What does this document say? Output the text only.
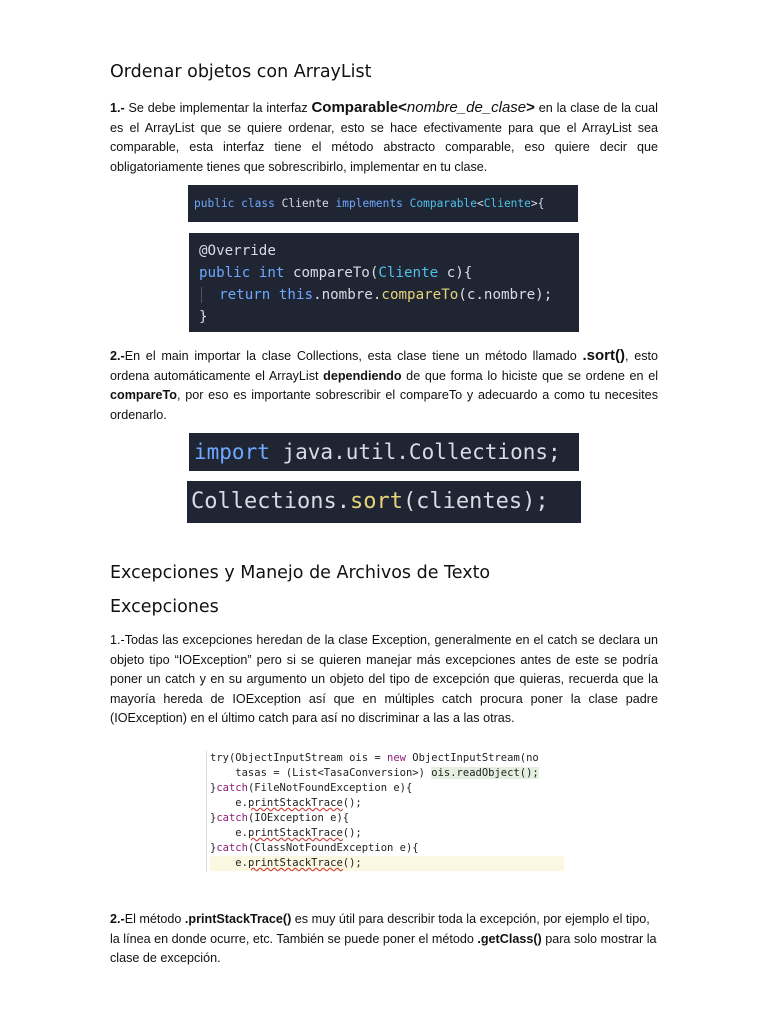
Ordenar objetos con ArrayList

1.- Se debe implementar la interfaz Comparable<nombre_de_clase> en la clase de la cual es el ArrayList que se quiere ordenar, esto se hace efectivamente para que el ArrayList sea comparable, esta interfaz tiene el método abstracto comparable, eso quiere decir que obligatoriamente tienes que sobrescribirlo, implementar en tu clase.

public class Cliente implements Comparable<Cliente>{
@Override
public int compareTo(Cliente c){
return this.nombre.compareTo(c.nombre);
}

2.-En el main importar la clase Collections, esta clase tiene un método llamado .sort(), esto ordena automáticamente el ArrayList dependiendo de que forma lo hiciste que se ordene en el compareTo, por eso es importante sobrescribir el compareTo y adecuardo a como tu necesites ordenarlo.

import java.util.Collections;
Collections.sort(clientes);
Excepciones y Manejo de Archivos de Texto
Excepciones

1.-Todas las excepciones heredan de la clase Exception, generalmente en el catch se declara un objeto tipo “IOException” pero si se quieren manejar más excepciones antes de este se podría poner un catch y en su argumento un objeto del tipo de excepción que quieras, recuerda que la mayoría hereda de IOException así que en múltiples catch procura poner la clase padre (IOException) en el último catch para así no discriminar a las a las otras.

try(ObjectInputStream ois = new ObjectInputStream(no
tasas = (List<TasaConversion>) ois.readObject();
}catch(FileNotFoundException e){
e.printStackTrace();
}catch(IOException e){
e.printStackTrace();
}catch(ClassNotFoundException e){

e.printStackTrace();

2.-El método .printStackTrace() es muy útil para describir toda la excepción, por ejemplo el tipo, la línea en donde ocurre, etc. También se puede poner el método .getClass() para solo mostrar la clase de excepción.
